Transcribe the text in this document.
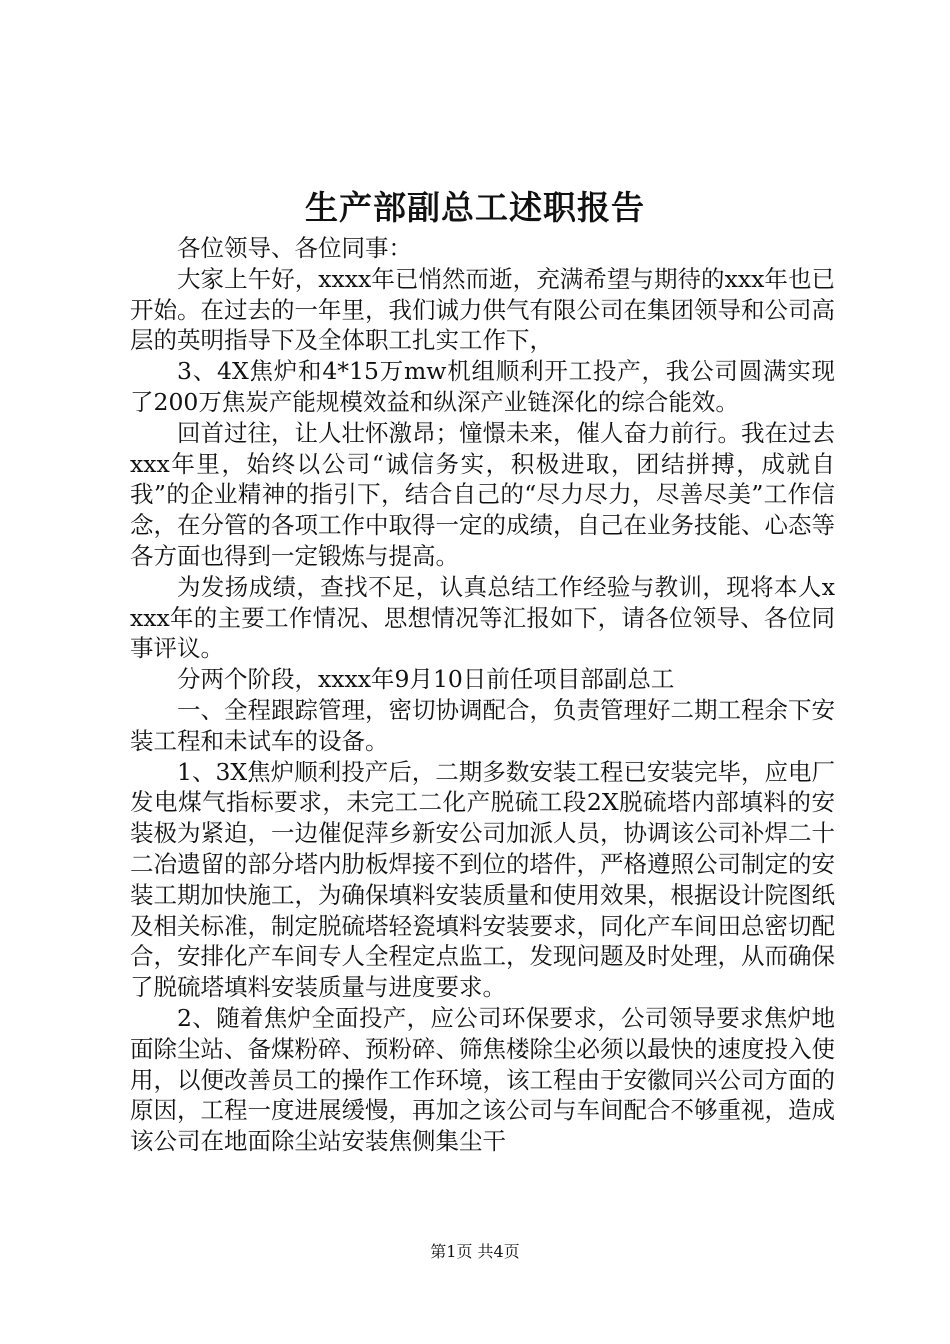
生产部副总工述职报告

各位领导、各位同事：

大家上午好，xxxx年已悄然而逝，充满希望与期待的xxx年也已开始。在过去的一年里，我们诚力供气有限公司在集团领导和公司高层的英明指导下及全体职工扎实工作下，

3、4X焦炉和4*15万mw机组顺利开工投产，我公司圆满实现了200万焦炭产能规模效益和纵深产业链深化的综合能效。

回首过往，让人壮怀激昂；憧憬未来，催人奋力前行。我在过去xxx年里，始终以公司“诚信务实，积极进取，团结拼搏，成就自我”的企业精神的指引下，结合自己的“尽力尽力，尽善尽美”工作信念，在分管的各项工作中取得一定的成绩，自己在业务技能、心态等各方面也得到一定锻炼与提高。

为发扬成绩，查找不足，认真总结工作经验与教训，现将本人xxxx年的主要工作情况、思想情况等汇报如下，请各位领导、各位同事评议。

分两个阶段，xxxx年9月10日前任项目部副总工

一、全程跟踪管理，密切协调配合，负责管理好二期工程余下安装工程和未试车的设备。

1、3X焦炉顺利投产后，二期多数安装工程已安装完毕，应电厂发电煤气指标要求，未完工二化产脱硫工段2X脱硫塔内部填料的安装极为紧迫，一边催促萍乡新安公司加派人员，协调该公司补焊二十二冶遗留的部分塔内肋板焊接不到位的塔件，严格遵照公司制定的安装工期加快施工，为确保填料安装质量和使用效果，根据设计院图纸及相关标准，制定脱硫塔轻瓷填料安装要求，同化产车间田总密切配合，安排化产车间专人全程定点监工，发现问题及时处理，从而确保了脱硫塔填料安装质量与进度要求。

2、随着焦炉全面投产，应公司环保要求，公司领导要求焦炉地面除尘站、备煤粉碎、预粉碎、筛焦楼除尘必须以最快的速度投入使用，以便改善员工的操作工作环境，该工程由于安徽同兴公司方面的原因，工程一度进展缓慢，再加之该公司与车间配合不够重视，造成该公司在地面除尘站安装焦侧集尘干

第1页 共4页
